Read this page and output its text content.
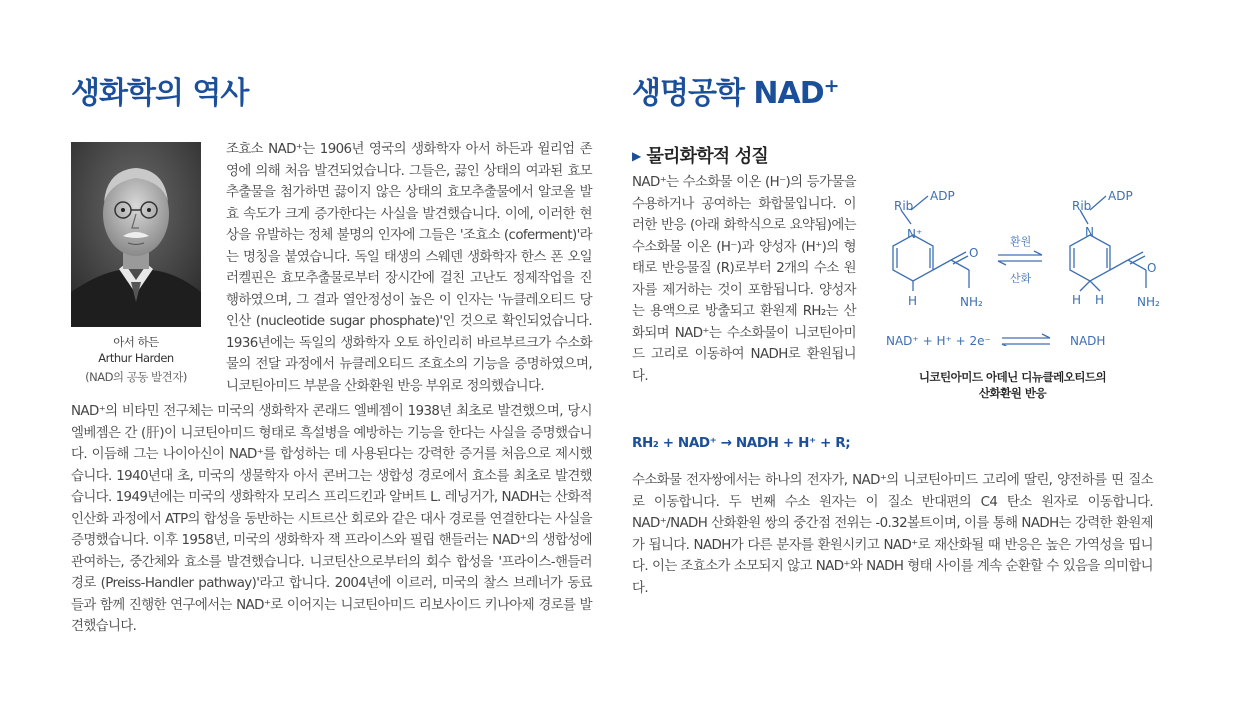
생화학의 역사	생명공학 NAD+
아서 하든
Arthur Harden
(NAD의 공동 발견자)

조효소 NAD⁺는 1906년 영국의 생화학자 아서 하든과 윌리엄 존영에 의해 처음 발견되었습니다. 그들은, 끓인 상태의 여과된 효모추출물을 첨가하면 끓이지 않은 상태의 효모추출물에서 알코올 발효 속도가 크게 증가한다는 사실을 발견했습니다. 이에, 이러한 현상을 유발하는 정체 불명의 인자에 그들은 '조효소 (coferment)'라는 명칭을 붙였습니다. 독일 태생의 스웨덴 생화학자 한스 폰 오일러켈핀은 효모추출물로부터 장시간에 걸친 고난도 정제작업을 진행하였으며, 그 결과 열안정성이 높은 이 인자는 '뉴클레오티드 당인산 (nucleotide sugar phosphate)'인 것으로 확인되었습니다. 1936년에는 독일의 생화학자 오토 하인리히 바르부르크가 수소화물의 전달 과정에서 뉴클레오티드 조효소의 기능을 증명하였으며, 니코틴아미드 부분을 산화환원 반응 부위로 정의했습니다.

NAD⁺의 비타민 전구체는 미국의 생화학자 콘래드 엘베젬이 1938년 최초로 발견했으며, 당시 엘베젬은 간 (肝)이 니코틴아미드 형태로 흑설병을 예방하는 기능을 한다는 사실을 증명했습니다. 이듬해 그는 나이아신이 NAD⁺를 합성하는 데 사용된다는 강력한 증거를 처음으로 제시했습니다. 1940년대 초, 미국의 생물학자 아서 콘버그는 생합성 경로에서 효소를 최초로 발견했습니다. 1949년에는 미국의 생화학자 모리스 프리드킨과 알버트 L. 레닝거가, NADH는 산화적 인산화 과정에서 ATP의 합성을 동반하는 시트르산 회로와 같은 대사 경로를 연결한다는 사실을 증명했습니다. 이후 1958년, 미국의 생화학자 잭 프라이스와 필립 핸들러는 NAD⁺의 생합성에 관여하는, 중간체와 효소를 발견했습니다. 니코틴산으로부터의 회수 합성을 '프라이스-핸들러 경로 (Preiss-Handler pathway)'라고 합니다. 2004년에 이르러, 미국의 찰스 브레너가 동료들과 함께 진행한 연구에서는 NAD⁺로 이어지는 니코틴아미드 리보사이드 키나아제 경로를 발견했습니다.

▶ 물리화학적 성질

NAD⁺는 수소화물 이온 (H⁻)의 등가물을 수용하거나 공여하는 화합물입니다. 이러한 반응 (아래 화학식으로 요약됨)에는 수소화물 이온 (H⁻)과 양성자 (H⁺)의 형태로 반응물질 (R)로부터 2개의 수소 원자를 제거하는 것이 포함됩니다. 양성자는 용액으로 방출되고 환원제 RH₂는 산화되며 NAD⁺는 수소화물이 니코틴아미드 고리로 이동하여 NADH로 환원됩니다.

Rib
ADP
N⁺
H
O
NH₂
Rib
ADP
N
H H
O
NH₂
환원
산화
NAD⁺ + H⁺ + 2e⁻	NADH
니코틴아미드 아데닌 디뉴클레오티드의
산화환원 반응
RH₂ + NAD⁺ → NADH + H⁺ + R;

수소화물 전자쌍에서는 하나의 전자가, NAD⁺의 니코틴아미드 고리에 딸린, 양전하를 띤 질소로 이동합니다. 두 번째 수소 원자는 이 질소 반대편의 C4 탄소 원자로 이동합니다. NAD⁺/NADH 산화환원 쌍의 중간점 전위는 -0.32볼트이며, 이를 통해 NADH는 강력한 환원제가 됩니다. NADH가 다른 분자를 환원시키고 NAD⁺로 재산화될 때 반응은 높은 가역성을 띱니다. 이는 조효소가 소모되지 않고 NAD⁺와 NADH 형태 사이를 계속 순환할 수 있음을 의미합니다.
